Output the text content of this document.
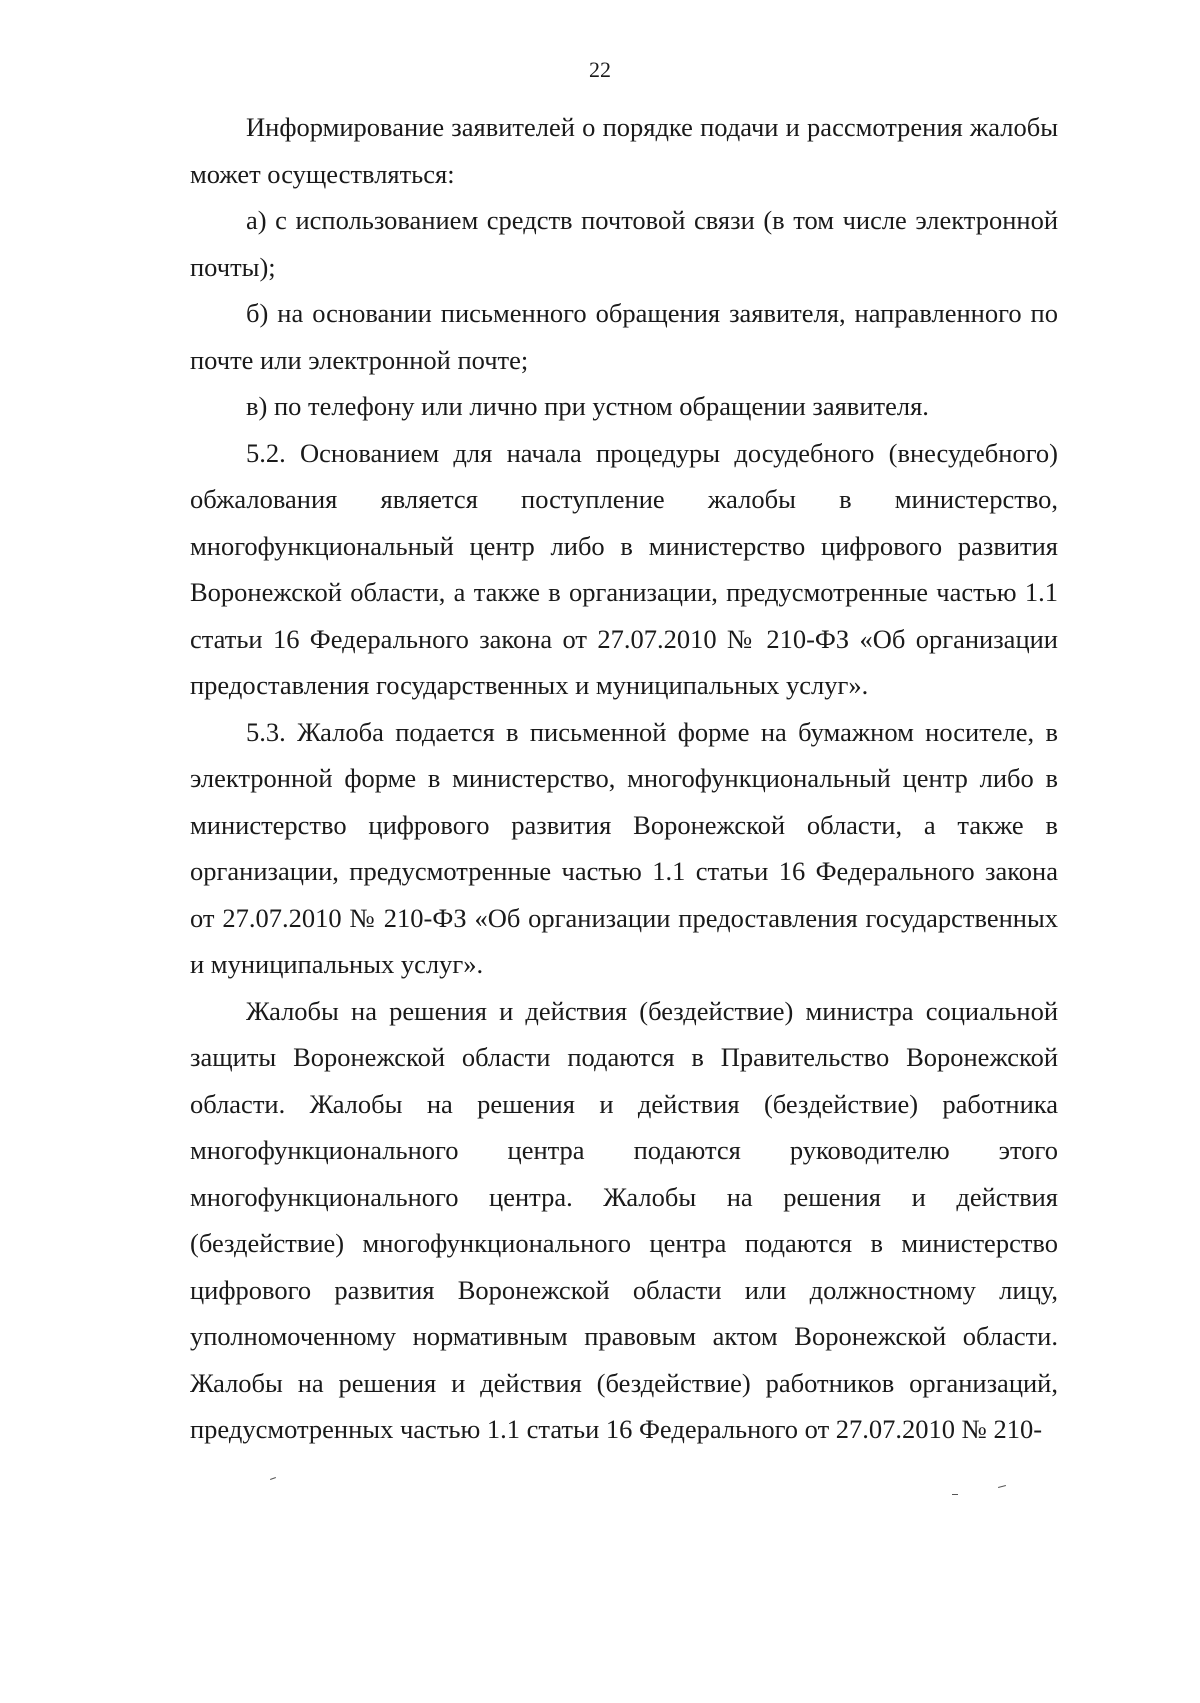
22

Информирование заявителей о порядке подачи и рассмотрения жалобы может осуществляться:

а) с использованием средств почтовой связи (в том числе электронной почты);

б) на основании письменного обращения заявителя, направленного по почте или электронной почте;

в) по телефону или лично при устном обращении заявителя.

5.2. Основанием для начала процедуры досудебного (внесудебного) обжалования является поступление жалобы в министерство, многофункциональный центр либо в министерство цифрового развития Воронежской области, а также в организации, предусмотренные частью 1.1 статьи 16 Федерального закона от 27.07.2010 № 210-ФЗ «Об организации предоставления государственных и муниципальных услуг».

5.3. Жалоба подается в письменной форме на бумажном носителе, в электронной форме в министерство, многофункциональный центр либо в министерство цифрового развития Воронежской области, а также в организации, предусмотренные частью 1.1 статьи 16 Федерального закона от 27.07.2010 № 210-ФЗ «Об организации предоставления государственных и муниципальных услуг».

Жалобы на решения и действия (бездействие) министра социальной защиты Воронежской области подаются в Правительство Воронежской области. Жалобы на решения и действия (бездействие) работника многофункционального центра подаются руководителю этого многофункционального центра. Жалобы на решения и действия (бездействие) многофункционального центра подаются в министерство цифрового развития Воронежской области или должностному лицу, уполномоченному нормативным правовым актом Воронежской области. Жалобы на решения и действия (бездействие) работников организаций, предусмотренных частью 1.1 статьи 16 Федерального от 27.07.2010 № 210-
